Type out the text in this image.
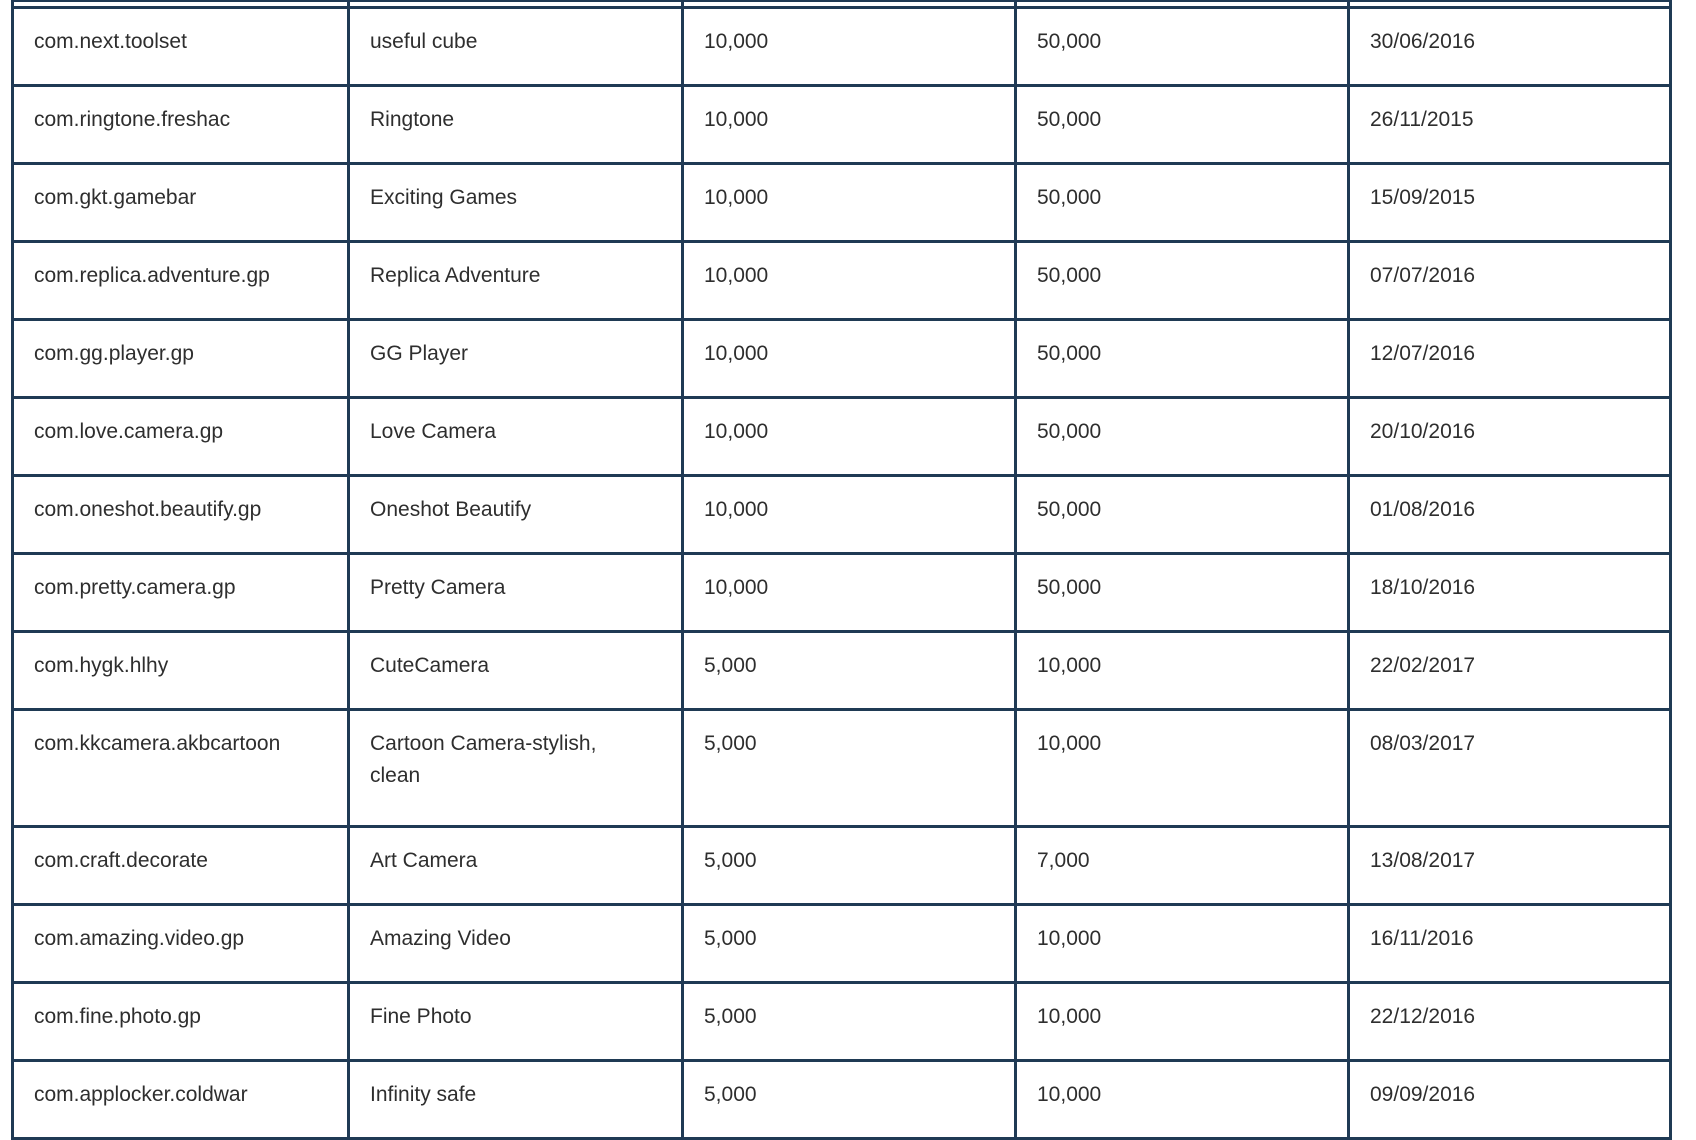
com.next.toolset	useful cube	10,000	50,000	30/06/2016
com.ringtone.freshac	Ringtone	10,000	50,000	26/11/2015
com.gkt.gamebar	Exciting Games	10,000	50,000	15/09/2015
com.replica.adventure.gp	Replica Adventure	10,000	50,000	07/07/2016
com.gg.player.gp	GG Player	10,000	50,000	12/07/2016
com.love.camera.gp	Love Camera	10,000	50,000	20/10/2016
com.oneshot.beautify.gp	Oneshot Beautify	10,000	50,000	01/08/2016
com.pretty.camera.gp	Pretty Camera	10,000	50,000	18/10/2016
com.hygk.hlhy	CuteCamera	5,000	10,000	22/02/2017
com.kkcamera.akbcartoon	Cartoon Camera-stylish, clean	5,000	10,000	08/03/2017
com.craft.decorate	Art Camera	5,000	7,000	13/08/2017
com.amazing.video.gp	Amazing Video	5,000	10,000	16/11/2016
com.fine.photo.gp	Fine Photo	5,000	10,000	22/12/2016
com.applocker.coldwar	Infinity safe	5,000	10,000	09/09/2016
